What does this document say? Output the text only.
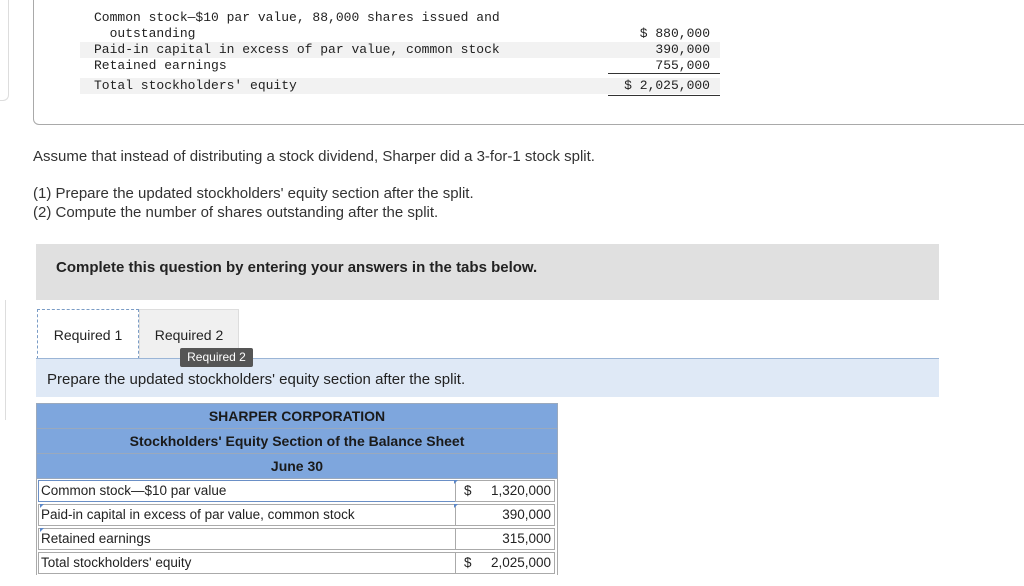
Common stock—$10 par value, 88,000 shares issued and
outstanding	$ 880,000
Paid-in capital in excess of par value, common stock	390,000
Retained earnings	755,000
Total stockholders' equity	$ 2,025,000
Assume that instead of distributing a stock dividend, Sharper did a 3-for-1 stock split.
(1) Prepare the updated stockholders' equity section after the split.
(2) Compute the number of shares outstanding after the split.
Complete this question by entering your answers in the tabs below.
Required 1	Required 2
Prepare the updated stockholders' equity section after the split.
Required 2
SHARPER CORPORATION
Stockholders' Equity Section of the Balance Sheet
June 30
Common stock—$10 par value	$ 1,320,000
Paid-in capital in excess of par value, common stock	390,000
Retained earnings	315,000
Total stockholders' equity	$ 2,025,000
